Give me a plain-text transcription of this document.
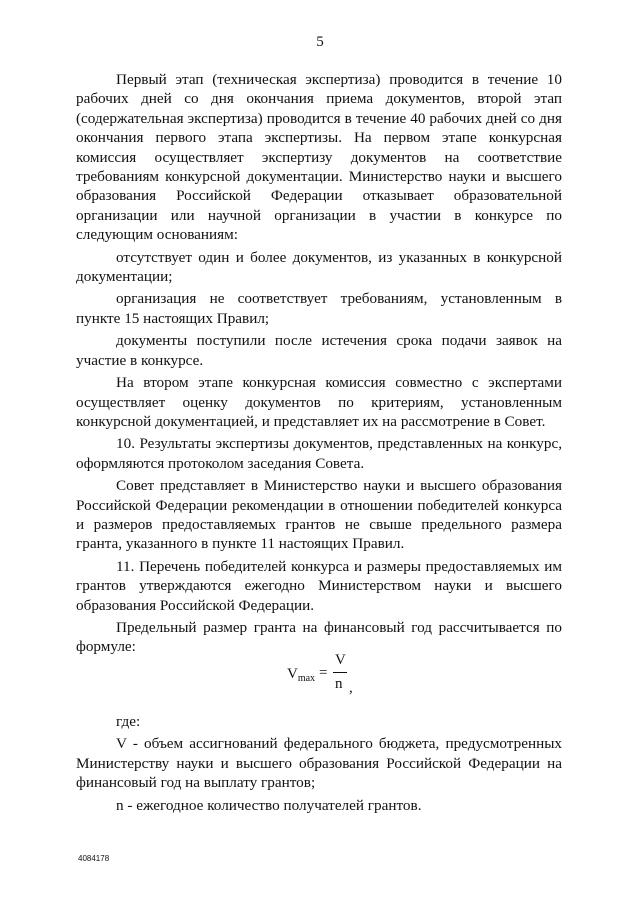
5

Первый этап (техническая экспертиза) проводится в течение 10 рабочих дней со дня окончания приема документов, второй этап (содержательная экспертиза) проводится в течение 40 рабочих дней со дня окончания первого этапа экспертизы. На первом этапе конкурсная комиссия осуществляет экспертизу документов на соответствие требованиям конкурсной документации. Министерство науки и высшего образования Российской Федерации отказывает образовательной организации или научной организации в участии в конкурсе по следующим основаниям:

отсутствует один и более документов, из указанных в конкурсной документации;

организация не соответствует требованиям, установленным в пункте 15 настоящих Правил;

документы поступили после истечения срока подачи заявок на участие в конкурсе.

На втором этапе конкурсная комиссия совместно с экспертами осуществляет оценку документов по критериям, установленным конкурсной документацией, и представляет их на рассмотрение в Совет.

10. Результаты экспертизы документов, представленных на конкурс, оформляются протоколом заседания Совета.

Совет представляет в Министерство науки и высшего образования Российской Федерации рекомендации в отношении победителей конкурса и размеров предоставляемых грантов не свыше предельного размера гранта, указанного в пункте 11 настоящих Правил.

11. Перечень победителей конкурса и размеры предоставляемых им грантов утверждаются ежегодно Министерством науки и высшего образования Российской Федерации.

Предельный размер гранта на финансовый год рассчитывается по формуле:

$V_{max}$ =
V
n ,

где:

V - объем ассигнований федерального бюджета, предусмотренных Министерству науки и высшего образования Российской Федерации на финансовый год на выплату грантов;

n - ежегодное количество получателей грантов.

4084178
